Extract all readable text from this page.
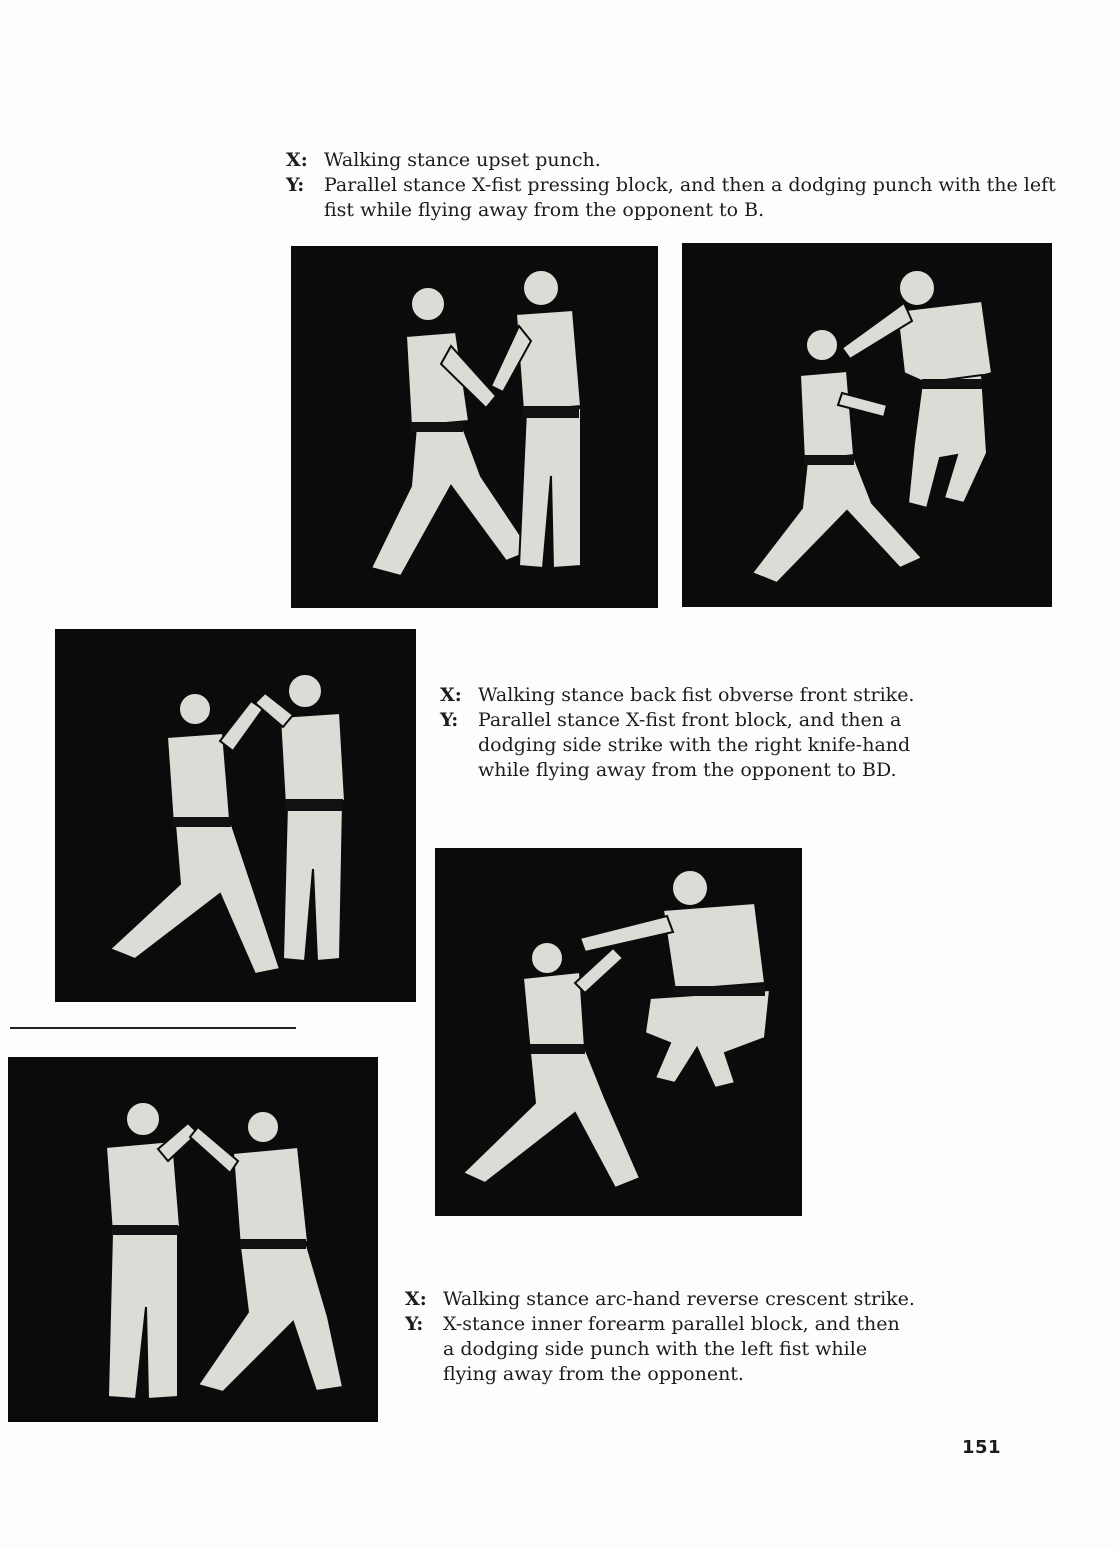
X: Walking stance upset punch.
Y:	Parallel stance X-fist pressing block, and then a dodging punch with the left fist while flying away from the opponent to B.
X: Walking stance back fist obverse front strike.
Y:	Parallel stance X-fist front block, and then a dodging side strike with the right knife-hand while flying away from the opponent to BD.
X: Walking stance arc-hand reverse crescent strike.
Y:	X-stance inner forearm parallel block, and then a dodging side punch with the left fist while flying away from the opponent.
151
